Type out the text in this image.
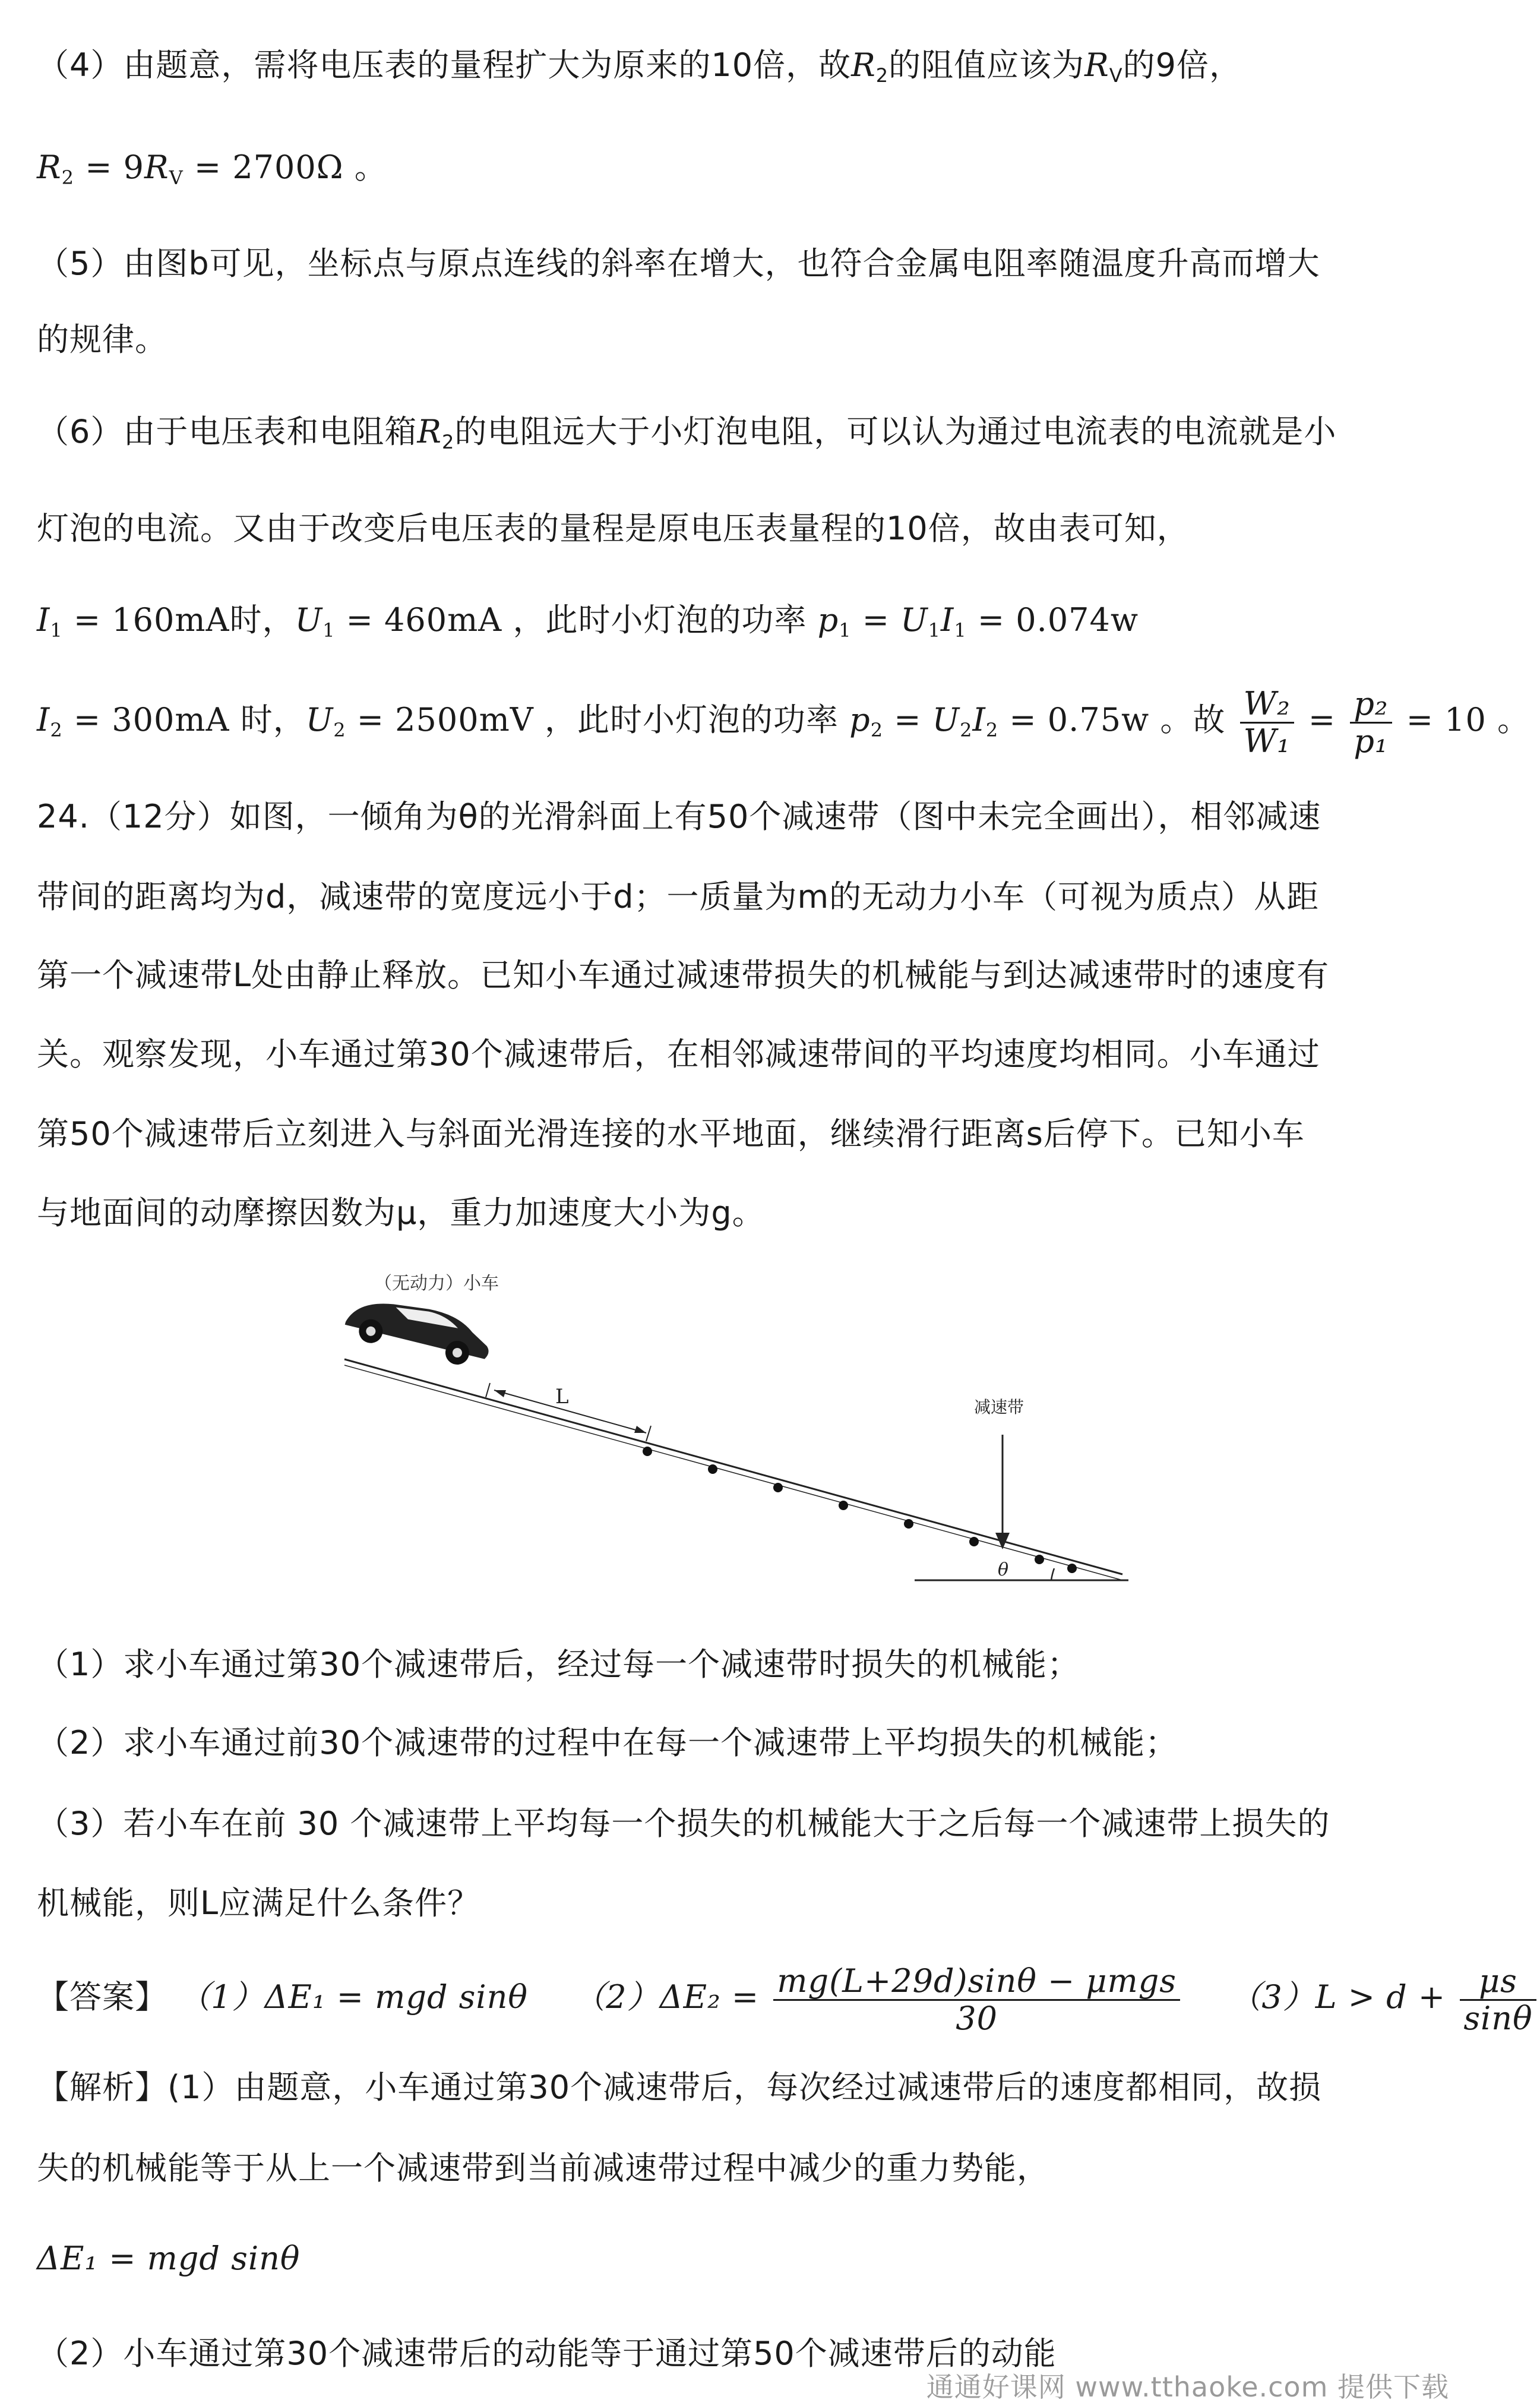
（4）由题意，需将电压表的量程扩大为原来的10倍，故$R_2$的阻值应该为$R_V$的9倍，
$R_2 = 9R_V = 2700\Omega$ 。
（5）由图b可见，坐标点与原点连线的斜率在增大，也符合金属电阻率随温度升高而增大
的规律。
（6）由于电压表和电阻箱$R_2$的电阻远大于小灯泡电阻，可以认为通过电流表的电流就是小
灯泡的电流。又由于改变后电压表的量程是原电压表量程的10倍，故由表可知，
$I_1 = 160mA$时，$U_1 = 460mA$ ，此时小灯泡的功率 $p_1 = U_1I_1 = 0.074w$
$I_2 = 300mA$ 时，$U_2 = 2500mV$ ，此时小灯泡的功率 $p_2 = U_2I_2 = 0.75w$ 。故 $\frac{\text{W₂}}{\text{W₁}} = \frac{\text{p₂}}{\text{p₁}} = 10$ 。
24.（12分）如图，一倾角为θ的光滑斜面上有50个减速带（图中未完全画出），相邻减速
带间的距离均为d，减速带的宽度远小于d；一质量为m的无动力小车（可视为质点）从距
第一个减速带L处由静止释放。已知小车通过减速带损失的机械能与到达减速带时的速度有
关。观察发现，小车通过第30个减速带后，在相邻减速带间的平均速度均相同。小车通过
第50个减速带后立刻进入与斜面光滑连接的水平地面，继续滑行距离s后停下。已知小车
与地面间的动摩擦因数为μ，重力加速度大小为g。
（无动力）小车
L	减速带
θ
（1）求小车通过第30个减速带后，经过每一个减速带时损失的机械能；
（2）求小车通过前30个减速带的过程中在每一个减速带上平均损失的机械能；
（3）若小车在前 30 个减速带上平均每一个损失的机械能大于之后每一个减速带上损失的
机械能，则L应满足什么条件？
【答案】 （1）ΔE₁ = mgd sinθ $(2)\Delta E_2 = \frac{\text{mg(L+29d)sinθ − μmgs}}{30} (3)L > d + \frac{\mu s}{\sin\theta}$
【解析】(1）由题意，小车通过第30个减速带后，每次经过减速带后的速度都相同，故损
失的机械能等于从上一个减速带到当前减速带过程中减少的重力势能，
ΔE₁ = mgd sinθ
（2）小车通过第30个减速带后的动能等于通过第50个减速带后的动能
通通好课网 www.tthaoke.com 提供下载
